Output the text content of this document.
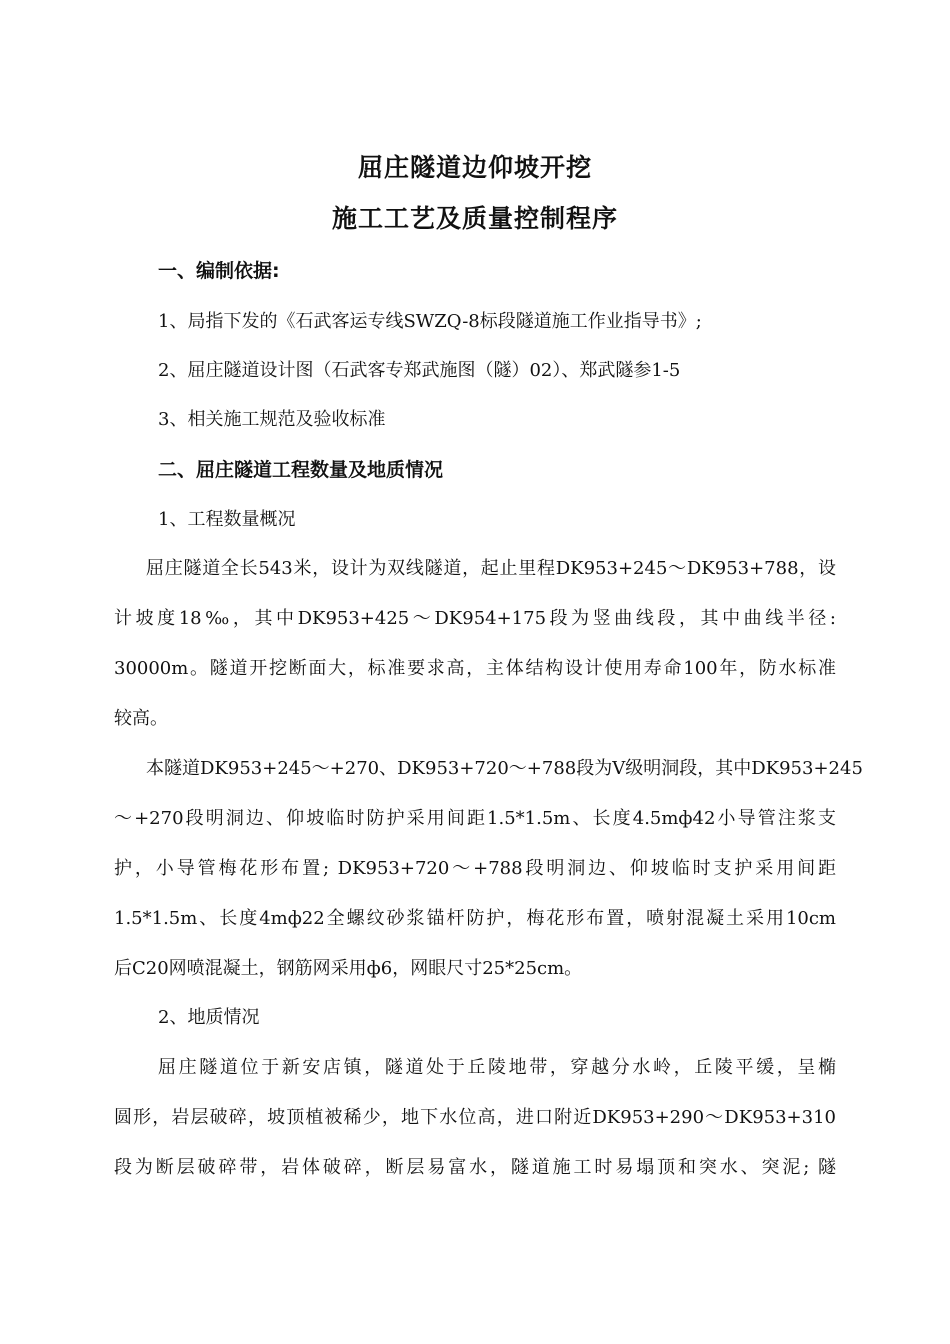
屈庄隧道边仰坡开挖
施工工艺及质量控制程序
一、编制依据:
1、局指下发的《石武客运专线SWZQ-8标段隧道施工作业指导书》;
2、屈庄隧道设计图（石武客专郑武施图（隧）02）、郑武隧参1-5
3、相关施工规范及验收标准
二、屈庄隧道工程数量及地质情况
1、工程数量概况
屈庄隧道全长543米，设计为双线隧道，起止里程DK953+245～DK953+788，设
计坡度18‰，其中DK953+425～DK954+175段为竖曲线段，其中曲线半径:
30000m。隧道开挖断面大，标准要求高，主体结构设计使用寿命100年，防水标准
较高。
本隧道DK953+245～+270、DK953+720～+788段为Ⅴ级明洞段，其中DK953+245
～+270段明洞边、仰坡临时防护采用间距1.5*1.5m、长度4.5mф42小导管注浆支
护，小导管梅花形布置; DK953+720～+788段明洞边、仰坡临时支护采用间距
1.5*1.5m、长度4mф22全螺纹砂浆锚杆防护，梅花形布置，喷射混凝土采用10cm
后C20网喷混凝土，钢筋网采用ф6，网眼尺寸25*25cm。
2、地质情况
屈庄隧道位于新安店镇，隧道处于丘陵地带，穿越分水岭，丘陵平缓，呈椭
圆形，岩层破碎，坡顶植被稀少，地下水位高，进口附近DK953+290～DK953+310
段为断层破碎带，岩体破碎，断层易富水，隧道施工时易塌顶和突水、突泥; 隧
